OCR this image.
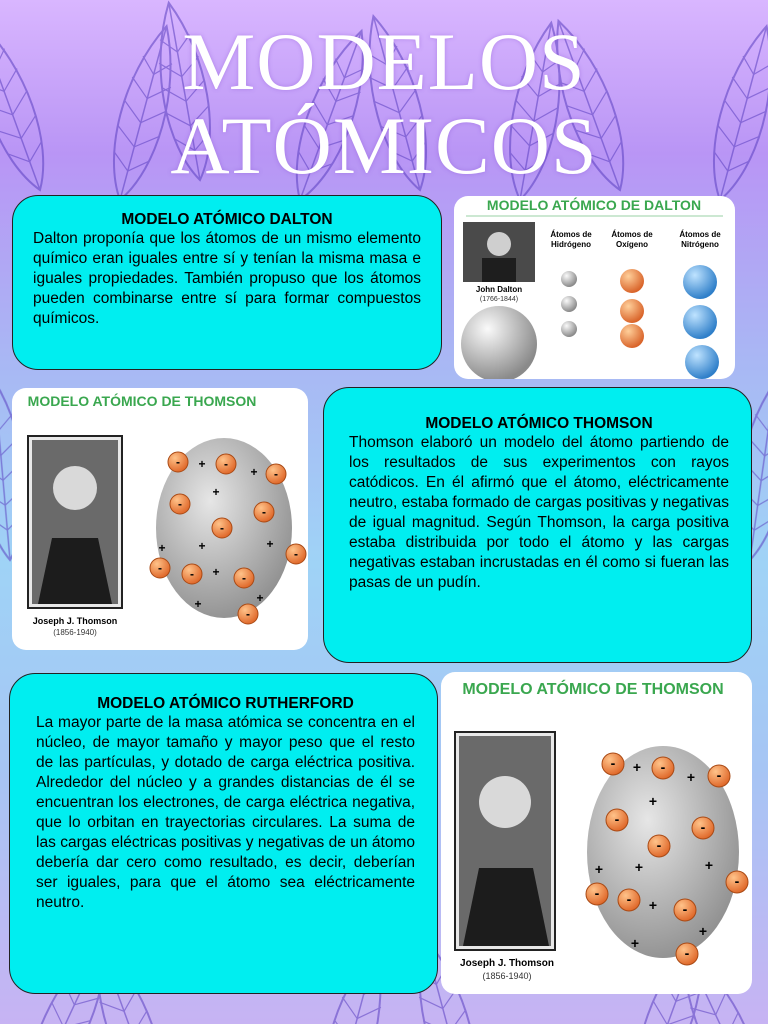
MODELOS
ATÓMICOS
MODELO ATÓMICO DALTON

Dalton proponía que los átomos de un mismo elemento químico eran iguales entre sí y tenían la misma masa e iguales propiedades. También propuso que los átomos pueden combinarse entre sí para formar compuestos químicos.

MODELO ATÓMICO DE DALTON
John Dalton
(1766-1844)
Átomos de
Hidrógeno
Átomos de
Oxígeno
Átomos de
Nitrógeno
MODELO ATÓMICO DE THOMSON
Joseph J. Thomson
(1856-1940)
-	-
-
-
-
-
- -	-
-
-
+
+
+
+	+	+
+
+
+
MODELO ATÓMICO THOMSON

Thomson elaboró un modelo del átomo partiendo de los resultados de sus experimentos con rayos catódicos. En él afirmó que el átomo, eléctricamente neutro, estaba formado de cargas positivas y negativas de igual magnitud. Según Thomson, la carga positiva estaba distribuida por todo el átomo y las cargas negativas estaban incrustadas en él como si fueran las pasas de un pudín.

MODELO ATÓMICO RUTHERFORD

La mayor parte de la masa atómica se concentra en el núcleo, de mayor tamaño y mayor peso que el resto de las partículas, y dotado de carga eléctrica positiva. Alrededor del núcleo y a grandes distancias de él se encuentran los electrones, de carga eléctrica negativa, que lo orbitan en trayectorias circulares. La suma de las cargas eléctricas positivas y negativas de un átomo debería dar cero como resultado, es decir, deberían ser iguales, para que el átomo sea eléctricamente neutro.

MODELO ATÓMICO DE THOMSON
Joseph J. Thomson
(1856-1940)
-	-	-
-	-
-
- -
-
-
-
+
+
+
+ +	+
+
+
+
